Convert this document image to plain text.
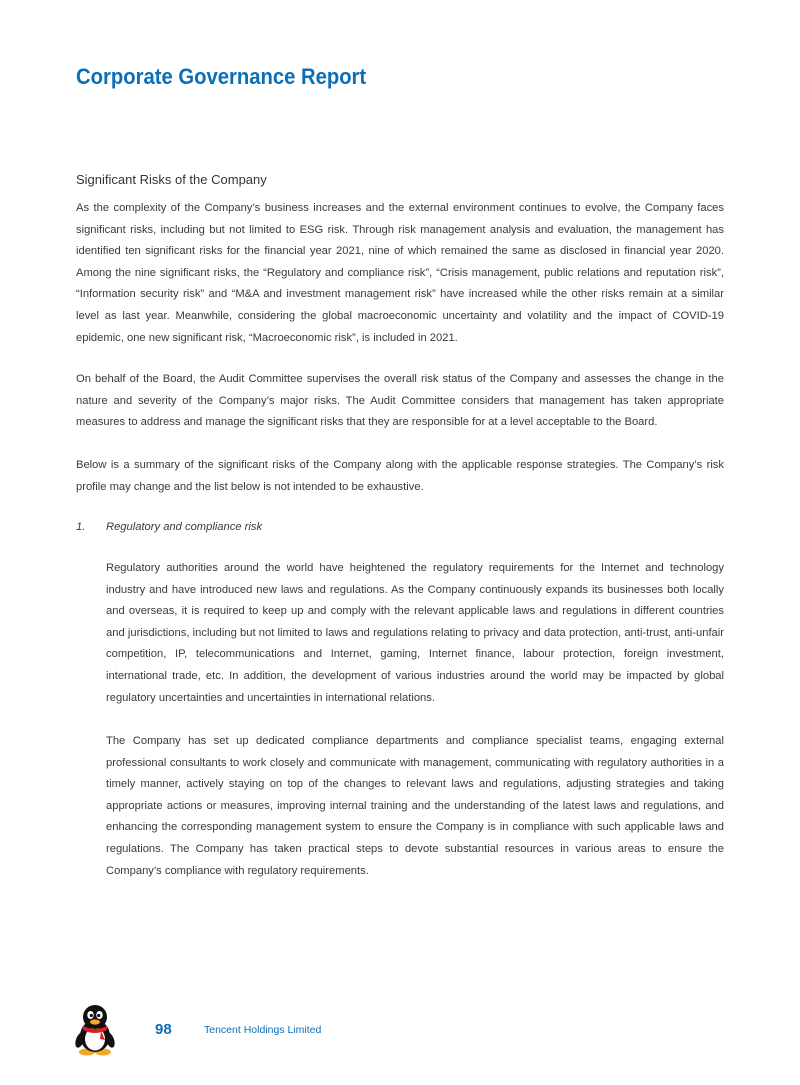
Corporate Governance Report
Significant Risks of the Company

As the complexity of the Company’s business increases and the external environment continues to evolve, the Company faces significant risks, including but not limited to ESG risk. Through risk management analysis and evaluation, the management has identified ten significant risks for the financial year 2021, nine of which remained the same as disclosed in financial year 2020. Among the nine significant risks, the “Regulatory and compliance risk”, “Crisis management, public relations and reputation risk”, “Information security risk” and “M&A and investment management risk” have increased while the other risks remain at a similar level as last year. Meanwhile, considering the global macroeconomic uncertainty and volatility and the impact of COVID-19 epidemic, one new significant risk, “Macroeconomic risk”, is included in 2021.

On behalf of the Board, the Audit Committee supervises the overall risk status of the Company and assesses the change in the nature and severity of the Company’s major risks. The Audit Committee considers that management has taken appropriate measures to address and manage the significant risks that they are responsible for at a level acceptable to the Board.

Below is a summary of the significant risks of the Company along with the applicable response strategies. The Company’s risk profile may change and the list below is not intended to be exhaustive.

1. Regulatory and compliance risk

Regulatory authorities around the world have heightened the regulatory requirements for the Internet and technology industry and have introduced new laws and regulations. As the Company continuously expands its businesses both locally and overseas, it is required to keep up and comply with the relevant applicable laws and regulations in different countries and jurisdictions, including but not limited to laws and regulations relating to privacy and data protection, anti-trust, anti-unfair competition, IP, telecommunications and Internet, gaming, Internet finance, labour protection, foreign investment, international trade, etc. In addition, the development of various industries around the world may be impacted by global regulatory uncertainties and uncertainties in international relations.

The Company has set up dedicated compliance departments and compliance specialist teams, engaging external professional consultants to work closely and communicate with management, communicating with regulatory authorities in a timely manner, actively staying on top of the changes to relevant laws and regulations, adjusting strategies and taking appropriate actions or measures, improving internal training and the understanding of the latest laws and regulations, and enhancing the corresponding management system to ensure the Company is in compliance with such applicable laws and regulations. The Company has taken practical steps to devote substantial resources in various areas to ensure the Company’s compliance with regulatory requirements.

98	Tencent Holdings Limited
